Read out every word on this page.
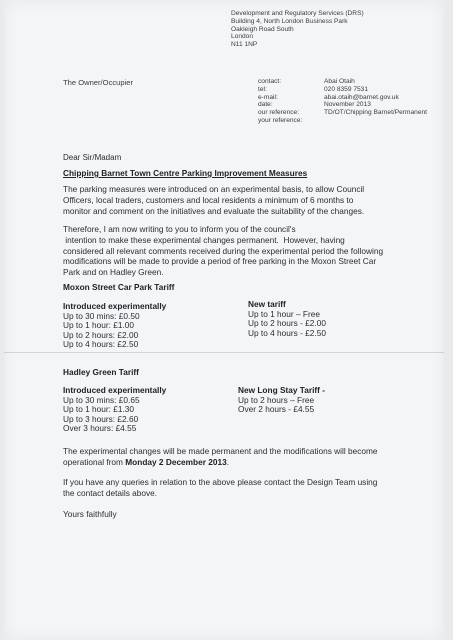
Development and Regulatory Services (DRS)
Building 4, North London Business Park
Oakleigh Road South
London
N11 1NP
The Owner/Occupier	contact:
tel:
e-mail:
date:
our reference:
your reference:
Abai Otaih
020 8359 7531
abai.otaih@barnet.gov.uk
November 2013
TD/OT/Chipping Barnet/Permanent
Dear Sir/Madam
Chipping Barnet Town Centre Parking Improvement Measures
The parking measures were introduced on an experimental basis, to allow Council
Officers, local traders, customers and local residents a minimum of 6 months to
monitor and comment on the initiatives and evaluate the suitability of the changes.
Therefore, I am now writing to you to inform you of the council's
intention to make these experimental changes permanent.  However, having
considered all relevant comments received during the experimental period the following
modifications will be made to provide a period of free parking in the Moxon Street Car
Park and on Hadley Green.
Moxon Street Car Park Tariff
Introduced experimentally
Up to 30 mins: £0.50
Up to 1 hour: £1.00
Up to 2 hours: £2.00
Up to 4 hours: £2.50
New tariff
Up to 1 hour – Free
Up to 2 hours - £2.00
Up to 4 hours - £2.50
Hadley Green Tariff
Introduced experimentally
Up to 30 mins: £0.65
Up to 1 hour: £1.30
Up to 3 hours: £2.60
Over 3 hours: £4.55
New Long Stay Tariff -
Up to 2 hours – Free
Over 2 hours - £4.55
The experimental changes will be made permanent and the modifications will become
operational from Monday 2 December 2013.
If you have any queries in relation to the above please contact the Design Team using
the contact details above.
Yours faithfully
